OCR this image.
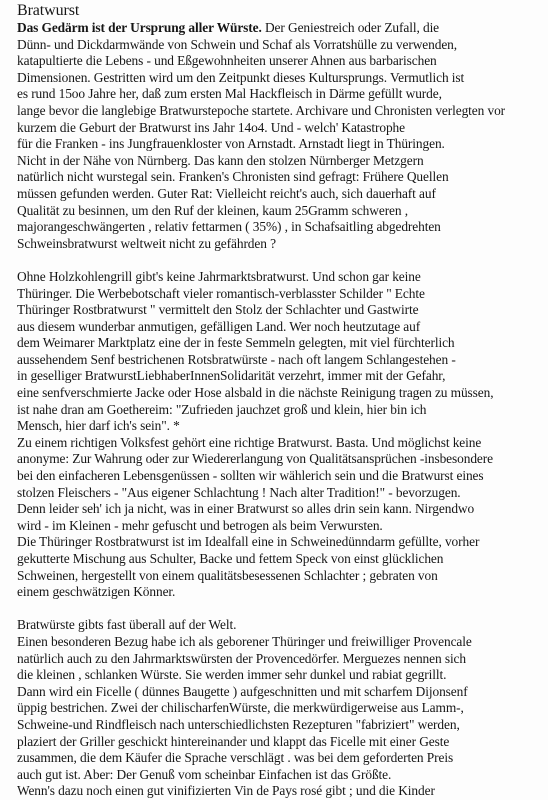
Bratwurst
Das Gedärm ist der Ursprung aller Würste. Der Geniestreich oder Zufall, die
Dünn- und Dickdarmwände von Schwein und Schaf als Vorratshülle zu verwenden,
katapultierte die Lebens - und Eßgewohnheiten unserer Ahnen aus barbarischen
Dimensionen. Gestritten wird um den Zeitpunkt dieses Kultursprungs. Vermutlich ist
es rund 15oo Jahre her, daß zum ersten Mal Hackfleisch in Därme gefüllt wurde,
lange bevor die langlebige Bratwurstepoche startete. Archivare und Chronisten verlegten vor
kurzem die Geburt der Bratwurst ins Jahr 14o4. Und - welch' Katastrophe
für die Franken - ins Jungfrauenkloster von Arnstadt. Arnstadt liegt in Thüringen.
Nicht in der Nähe von Nürnberg. Das kann den stolzen Nürnberger Metzgern
natürlich nicht wurstegal sein. Franken's Chronisten sind gefragt: Frühere Quellen
müssen gefunden werden. Guter Rat: Vielleicht reicht's auch, sich dauerhaft auf
Qualität zu besinnen, um den Ruf der kleinen, kaum 25Gramm schweren ,
majorangeschwängerten , relativ fettarmen ( 35%) , in Schafsaitling abgedrehten
Schweinsbratwurst weltweit nicht zu gefährden ?
Ohne Holzkohlengrill gibt's keine Jahrmarktsbratwurst. Und schon gar keine
Thüringer. Die Werbebotschaft vieler romantisch-verblasster Schilder " Echte
Thüringer Rostbratwurst " vermittelt den Stolz der Schlachter und Gastwirte
aus diesem wunderbar anmutigen, gefälligen Land. Wer noch heutzutage auf
dem Weimarer Marktplatz eine der in feste Semmeln gelegten, mit viel fürchterlich
aussehendem Senf bestrichenen Rotsbratwürste - nach oft langem Schlangestehen -
in geselliger BratwurstLiebhaberInnenSolidarität verzehrt, immer mit der Gefahr,
eine senfverschmierte Jacke oder Hose alsbald in die nächste Reinigung tragen zu müssen,
ist nahe dran am Goethereim: "Zufrieden jauchzet groß und klein, hier bin ich
Mensch, hier darf ich's sein". *
Zu einem richtigen Volksfest gehört eine richtige Bratwurst. Basta. Und möglichst keine
anonyme: Zur Wahrung oder zur Wiedererlangung von Qualitätsansprüchen -insbesondere
bei den einfacheren Lebensgenüssen - sollten wir wählerich sein und die Bratwurst eines
stolzen Fleischers - "Aus eigener Schlachtung ! Nach alter Tradition!" - bevorzugen.
Denn leider seh' ich ja nicht, was in einer Bratwurst so alles drin sein kann. Nirgendwo
wird - im Kleinen - mehr gefuscht und betrogen als beim Verwursten.
Die Thüringer Rostbratwurst ist im Idealfall eine in Schweinedünndarm gefüllte, vorher
gekutterte Mischung aus Schulter, Backe und fettem Speck von einst glücklichen
Schweinen, hergestellt von einem qualitätsbesessenen Schlachter ; gebraten von
einem geschwätzigen Könner.
Bratwürste gibts fast überall auf der Welt.
Einen besonderen Bezug habe ich als geborener Thüringer und freiwilliger Provencale
natürlich auch zu den Jahrmarktswürsten der Provencedörfer. Merguezes nennen sich
die kleinen , schlanken Würste. Sie werden immer sehr dunkel und rabiat gegrillt.
Dann wird ein Ficelle ( dünnes Baugette ) aufgeschnitten und mit scharfem Dijonsenf
üppig bestrichen. Zwei der chilischarfenWürste, die merkwürdigerweise aus Lamm-,
Schweine-und Rindfleisch nach unterschiedlichsten Rezepturen "fabriziert" werden,
plaziert der Griller geschickt hintereinander und klappt das Ficelle mit einer Geste
zusammen, die dem Käufer die Sprache verschlägt . was bei dem geforderten Preis
auch gut ist. Aber: Der Genuß vom scheinbar Einfachen ist das Größte.
Wenn's dazu noch einen gut vinifizierten Vin de Pays rosé gibt ; und die Kinder
